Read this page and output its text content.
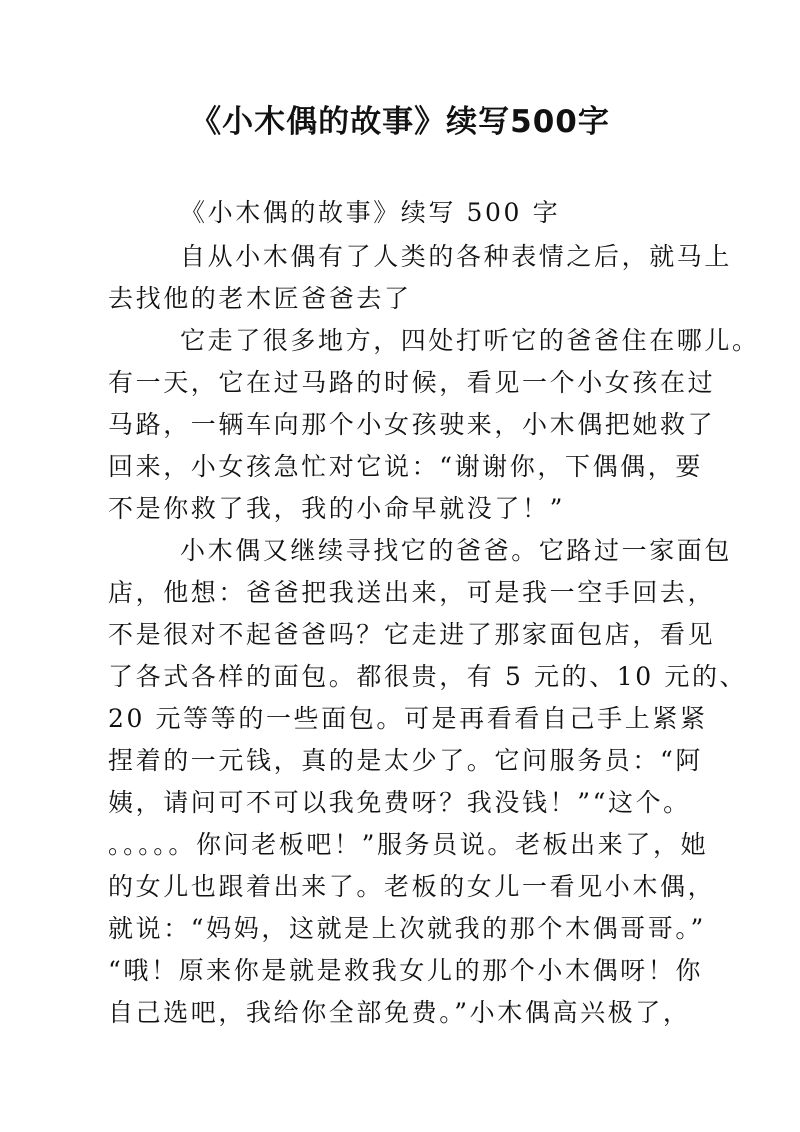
《小木偶的故事》续写500字
《小木偶的故事》续写 500 字
自从小木偶有了人类的各种表情之后，就马上
去找他的老木匠爸爸去了
它走了很多地方，四处打听它的爸爸住在哪儿。
有一天，它在过马路的时候，看见一个小女孩在过
马路，一辆车向那个小女孩驶来，小木偶把她救了
回来，小女孩急忙对它说：“谢谢你，下偶偶，要
不是你救了我，我的小命早就没了！”
小木偶又继续寻找它的爸爸。它路过一家面包
店，他想：爸爸把我送出来，可是我一空手回去，
不是很对不起爸爸吗？它走进了那家面包店，看见
了各式各样的面包。都很贵，有 5 元的、10 元的、
20 元等等的一些面包。可是再看看自己手上紧紧
捏着的一元钱，真的是太少了。它问服务员：“阿
姨，请问可不可以我免费呀？我没钱！”“这个。
。。。。。你问老板吧！”服务员说。老板出来了，她
的女儿也跟着出来了。老板的女儿一看见小木偶，
就说：“妈妈，这就是上次就我的那个木偶哥哥。”
“哦！原来你是就是救我女儿的那个小木偶呀！你
自己选吧，我给你全部免费。”小木偶高兴极了，
